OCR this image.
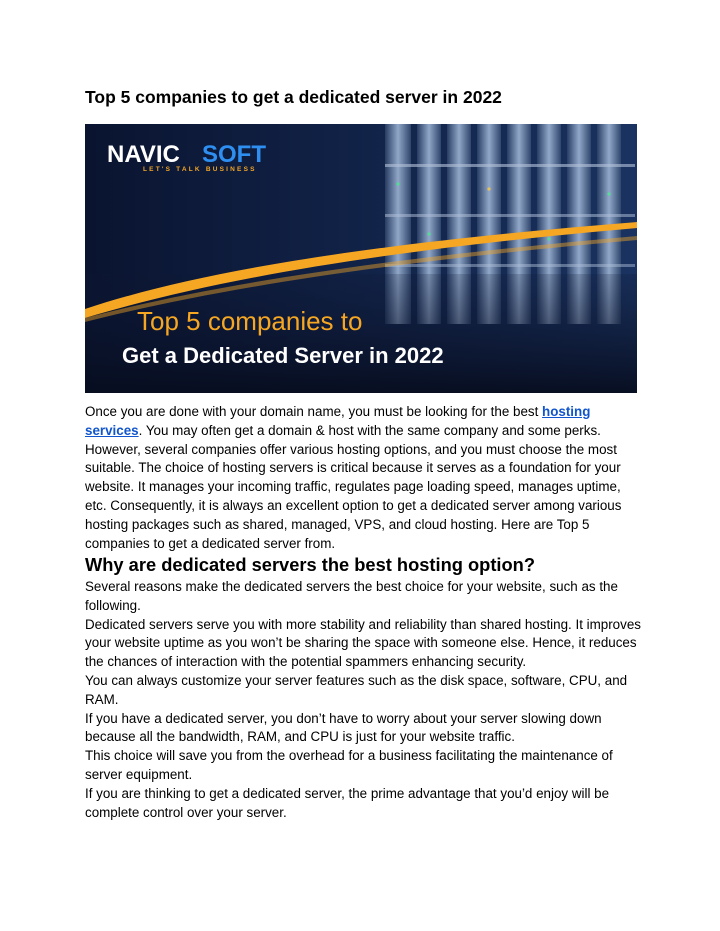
Top 5 companies to get a dedicated server in 2022
NAVIC SOFT
LET'S TALK BUSINESS
Top 5 companies to
Get a Dedicated Server in 2022

Once you are done with your domain name, you must be looking for the best hosting services. You may often get a domain & host with the same company and some perks. However, several companies offer various hosting options, and you must choose the most suitable. The choice of hosting servers is critical because it serves as a foundation for your website. It manages your incoming traffic, regulates page loading speed, manages uptime, etc. Consequently, it is always an excellent option to get a dedicated server among various hosting packages such as shared, managed, VPS, and cloud hosting. Here are Top 5 companies to get a dedicated server from.

Why are dedicated servers the best hosting option?

Several reasons make the dedicated servers the best choice for your website, such as the following.

Dedicated servers serve you with more stability and reliability than shared hosting. It improves your website uptime as you won’t be sharing the space with someone else. Hence, it reduces the chances of interaction with the potential spammers enhancing security.

You can always customize your server features such as the disk space, software, CPU, and RAM.

If you have a dedicated server, you don’t have to worry about your server slowing down because all the bandwidth, RAM, and CPU is just for your website traffic.

This choice will save you from the overhead for a business facilitating the maintenance of server equipment.

If you are thinking to get a dedicated server, the prime advantage that you’d enjoy will be complete control over your server.
